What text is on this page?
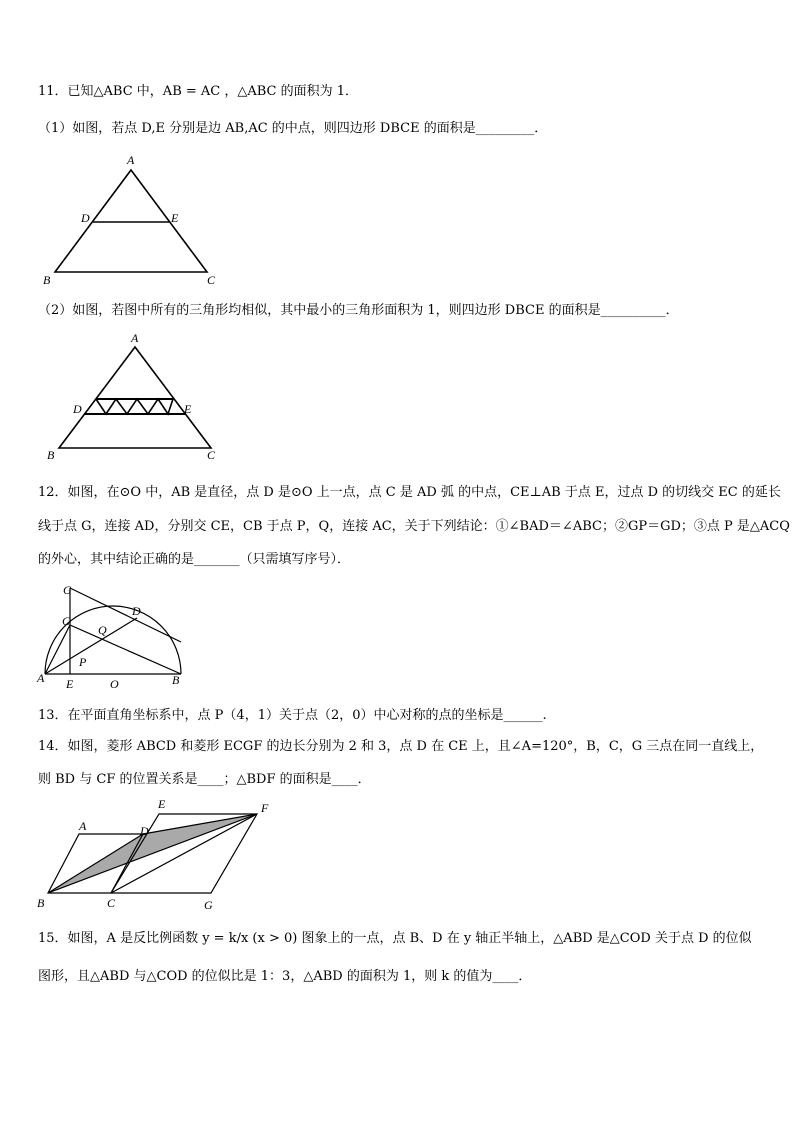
11．已知△ABC 中，AB = AC ，△ABC 的面积为 1．
（1）如图，若点 D,E 分别是边 AB,AC 的中点，则四边形 DBCE 的面积是_________．
A
D	E
B	C
（2）如图，若图中所有的三角形均相似，其中最小的三角形面积为 1，则四边形 DBCE 的面积是__________．
A
D	E
B	C
12．如图，在⊙O 中，AB 是直径，点 D 是⊙O 上一点，点 C 是 AD 弧 的中点，CE⊥AB 于点 E，过点 D 的切线交 EC 的延长
线于点 G，连接 AD，分别交 CE，CB 于点 P，Q，连接 AC，关于下列结论：①∠BAD＝∠ABC；②GP＝GD；③点 P 是△ACQ
的外心，其中结论正确的是_______（只需填写序号）．
G
D
C
Q
P
A E	O	B
13．在平面直角坐标系中，点 P（4，1）关于点（2，0）中心对称的点的坐标是______.
14．如图，菱形 ABCD 和菱形 ECGF 的边长分别为 2 和 3，点 D 在 CE 上，且∠A=120°，B，C，G 三点在同一直线上，
则 BD 与 CF 的位置关系是____；△BDF 的面积是____．
E	F
A	D
B	C	G
15．如图，A 是反比例函数 y = k/x (x > 0) 图象上的一点，点 B、D 在 y 轴正半轴上，△ABD 是△COD 关于点 D 的位似
图形，且△ABD 与△COD 的位似比是 1：3，△ABD 的面积为 1，则 k 的值为____．
